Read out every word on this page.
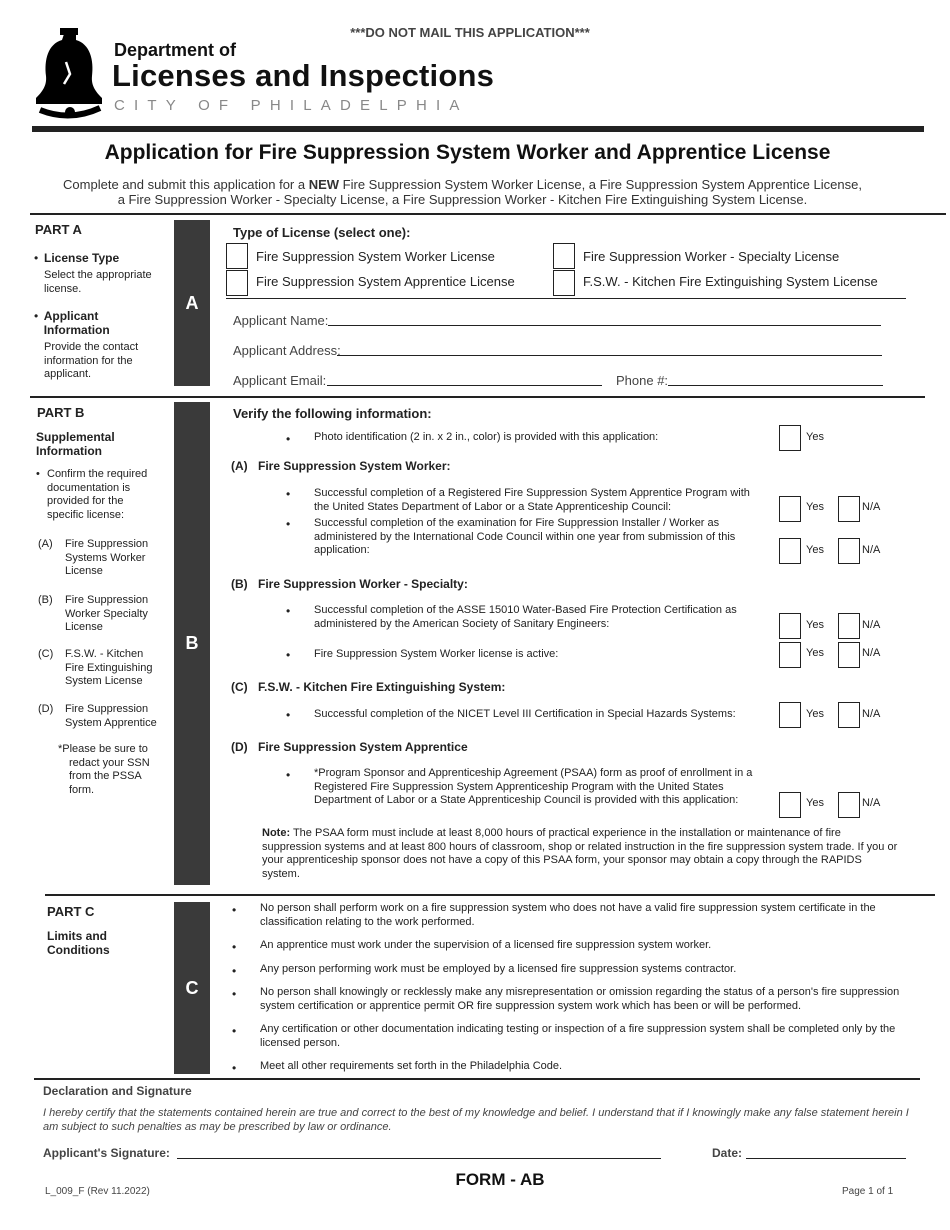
***DO NOT MAIL THIS APPLICATION***
Department of
Licenses and Inspections
CITY OF PHILADELPHIA
Application for Fire Suppression System Worker and Apprentice License
Complete and submit this application for a NEW Fire Suppression System Worker License, a Fire Suppression System Apprentice License,
a Fire Suppression Worker - Specialty License, a Fire Suppression Worker - Kitchen Fire Extinguishing System License.
PART A
• License Type
Select the appropriate license.
• Applicant Information
Provide the contact information for the applicant.
A
Type of License (select one):
Fire Suppression System Worker License
Fire Suppression System Apprentice License
Fire Suppression Worker - Specialty License
F.S.W. - Kitchen Fire Extinguishing System License
Applicant Name:
Applicant Address:
Applicant Email:	Phone #:
PART B
Supplemental Information
• Confirm the required documentation is provided for the specific license:
(A)	Fire Suppression Systems Worker License
(B)	Fire Suppression Worker Specialty License
(C)	F.S.W. - Kitchen Fire Extinguishing System License
(D)	Fire Suppression System Apprentice
*Please be sure to redact your SSN from the PSSA form.
B
Verify the following information:
• Photo identification (2 in. x 2 in., color) is provided with this application:	Yes
(A) Fire Suppression System Worker:
• Successful completion of a Registered Fire Suppression System Apprentice Program with the United States Department of Labor or a State Apprenticeship Council:	Yes	N/A
• Successful completion of the examination for Fire Suppression Installer / Worker as administered by the International Code Council within one year from submission of this application:	Yes	N/A
(B) Fire Suppression Worker - Specialty:
• Successful completion of the ASSE 15010 Water-Based Fire Protection Certification as administered by the American Society of Sanitary Engineers:	Yes	N/A
• Fire Suppression System Worker license is active:	Yes	N/A
(C) F.S.W. - Kitchen Fire Extinguishing System:
• Successful completion of the NICET Level III Certification in Special Hazards Systems:	Yes	N/A
(D) Fire Suppression System Apprentice
• *Program Sponsor and Apprenticeship Agreement (PSAA) form as proof of enrollment in a Registered Fire Suppression System Apprenticeship Program with the United States Department of Labor or a State Apprenticeship Council is provided with this application:	Yes	N/A
Note: The PSAA form must include at least 8,000 hours of practical experience in the installation or maintenance of fire suppression systems and at least 800 hours of classroom, shop or related instruction in the fire suppression system trade. If you or your apprenticeship sponsor does not have a copy of this PSAA form, your sponsor may obtain a copy through the RAPIDS system.
PART C
Limits and Conditions
C
• No person shall perform work on a fire suppression system who does not have a valid fire suppression system certificate in the classification relating to the work performed.
• An apprentice must work under the supervision of a licensed fire suppression system worker.
• Any person performing work must be employed by a licensed fire suppression systems contractor.
• No person shall knowingly or recklessly make any misrepresentation or omission regarding the status of a person's fire suppression system certification or apprentice permit OR fire suppression system work which has been or will be performed.
• Any certification or other documentation indicating testing or inspection of a fire suppression system shall be completed only by the licensed person.
• Meet all other requirements set forth in the Philadelphia Code.
Declaration and Signature
I hereby certify that the statements contained herein are true and correct to the best of my knowledge and belief. I understand that if I knowingly make any false statement herein I am subject to such penalties as may be prescribed by law or ordinance.
Applicant's Signature:	Date:
L_009_F (Rev 11.2022)
FORM - AB
Page 1 of 1
